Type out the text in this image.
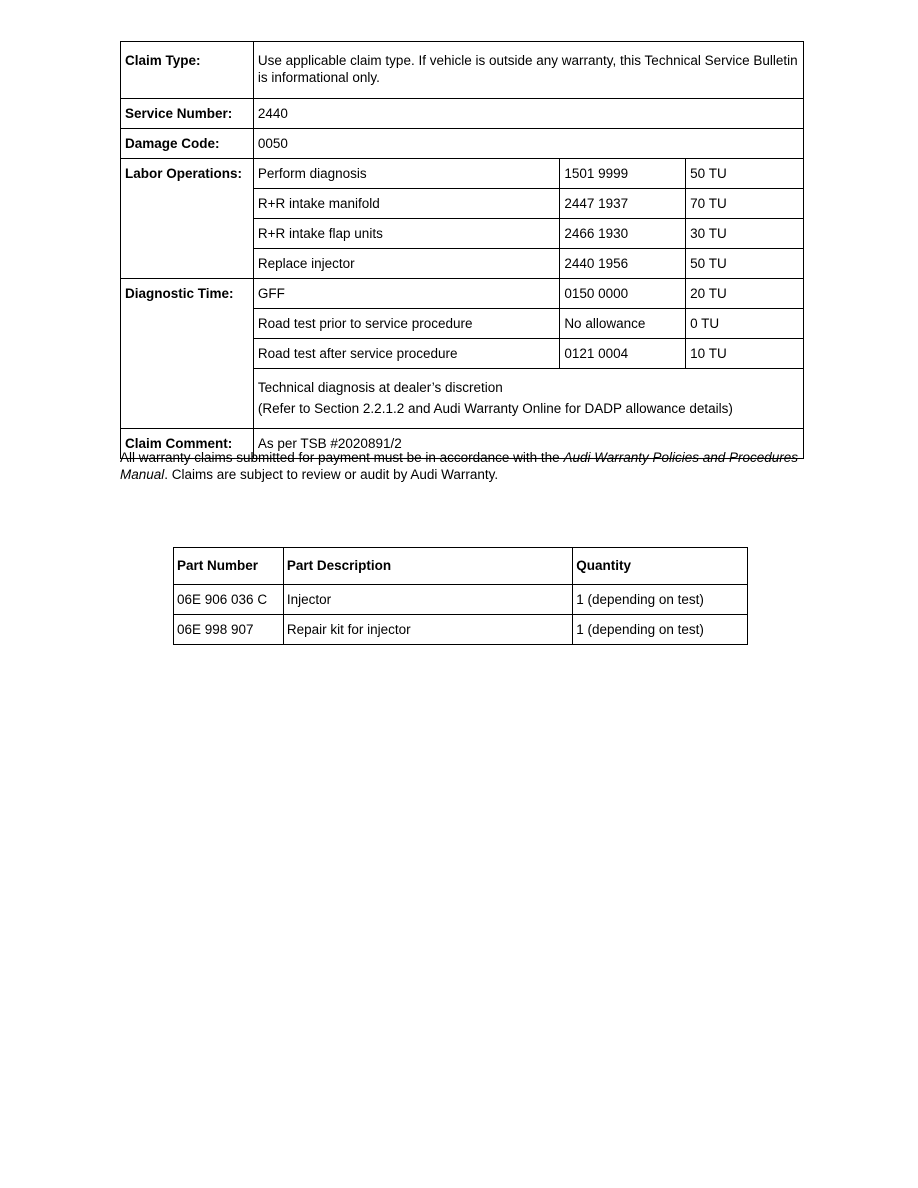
Claim Type:	Use applicable claim type. If vehicle is outside any warranty, this Technical Service Bulletin is informational only.		
Service Number:	2440		
Damage Code:	0050		
Labor Operations:	Perform diagnosis	1501 9999	50 TU
	R+R intake manifold	2447 1937	70 TU
	R+R intake flap units	2466 1930	30 TU
	Replace injector	2440 1956	50 TU
Diagnostic Time:	GFF	0150 0000	20 TU
	Road test prior to service procedure	No allowance	0 TU
	Road test after service procedure	0121 0004	10 TU

	Technical diagnosis at dealer’s discretion
(Refer to Section 2.2.1.2 and Audi Warranty Online for DADP allowance details)		

Claim Comment:	As per TSB #2020891/2		

All warranty claims submitted for payment must be in accordance with the Audi Warranty Policies and Procedures Manual. Claims are subject to review or audit by Audi Warranty.

Part Number	Part Description	Quantity
06E 906 036 C	Injector	1 (depending on test)
06E 998 907	Repair kit for injector	1 (depending on test)
